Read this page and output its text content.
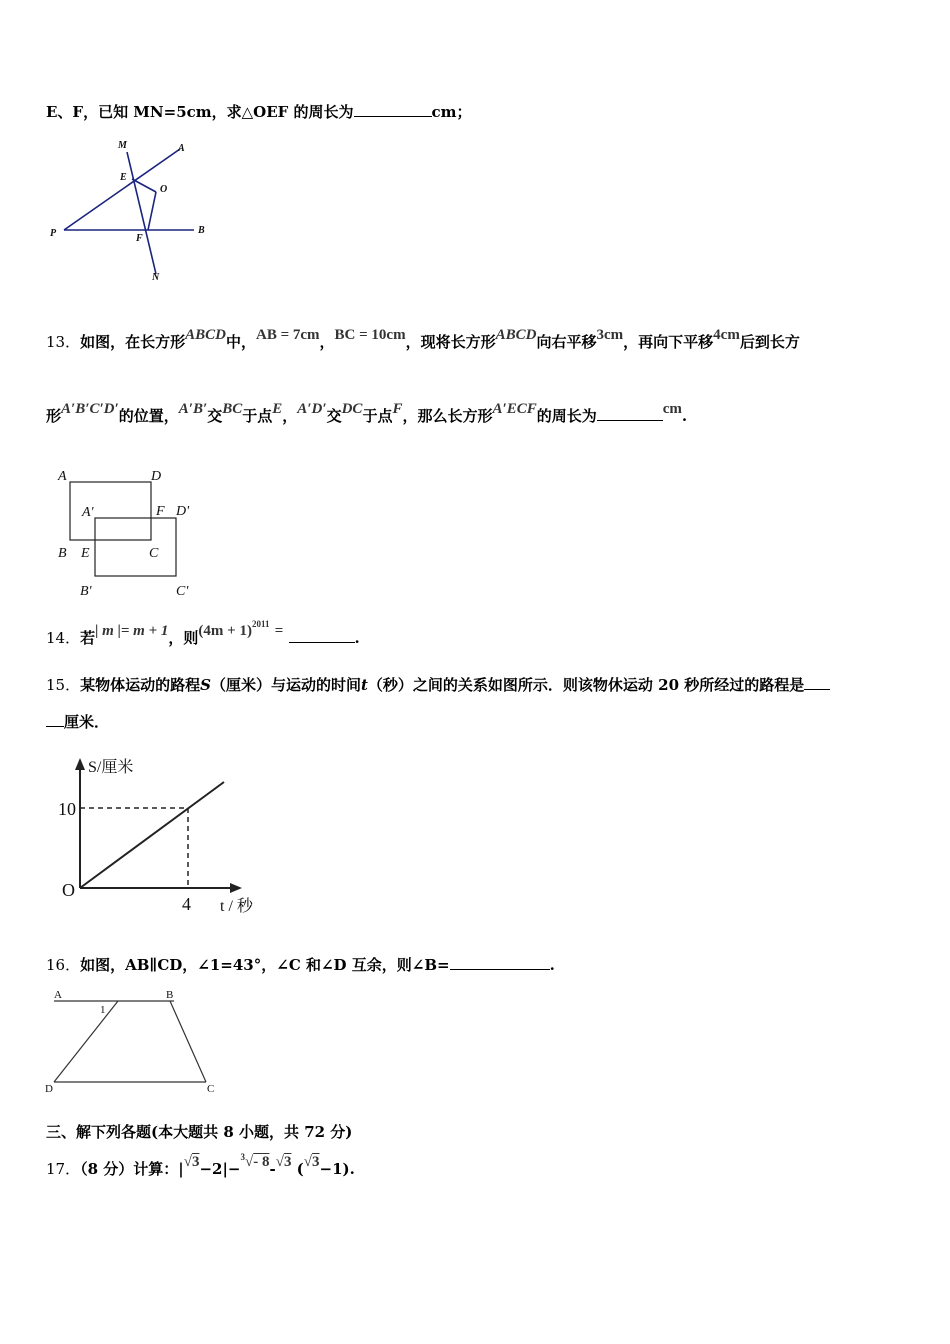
E、F，已知 MN=5cm，求△OEF 的周长为	cm；
M	A
E
O
P	F
B
N
13．如图，在长方形ABCD中，AB = 7cm，BC = 10cm，现将长方形ABCD向右平移3cm，再向下平移4cm后到长方
形A′B′C′D′的位置，A′B′交BC于点E，A′D′交DC于点F，那么长方形A′ECF的周长为	cm.
A	D
A'	F D'
B E	C
B'	C'
14．若| m |= m + 1，则$(4m + 1)^{2011}$ =	.
15．某物体运动的路程S（厘米）与运动的时间t（秒）之间的关系如图所示．则该物休运动 20 秒所经过的路程是
厘米．
S/厘米
t / 秒
O
10
4
16．如图，AB∥CD，∠1=43°，∠C 和∠D 互余，则∠B=	.
A	B
1
D	C
三、解下列各题(本大题共 8 小题，共 72 分)
17．（8 分）计算：|√3−2|−$^3$√- 8-√3 (√3−1).
